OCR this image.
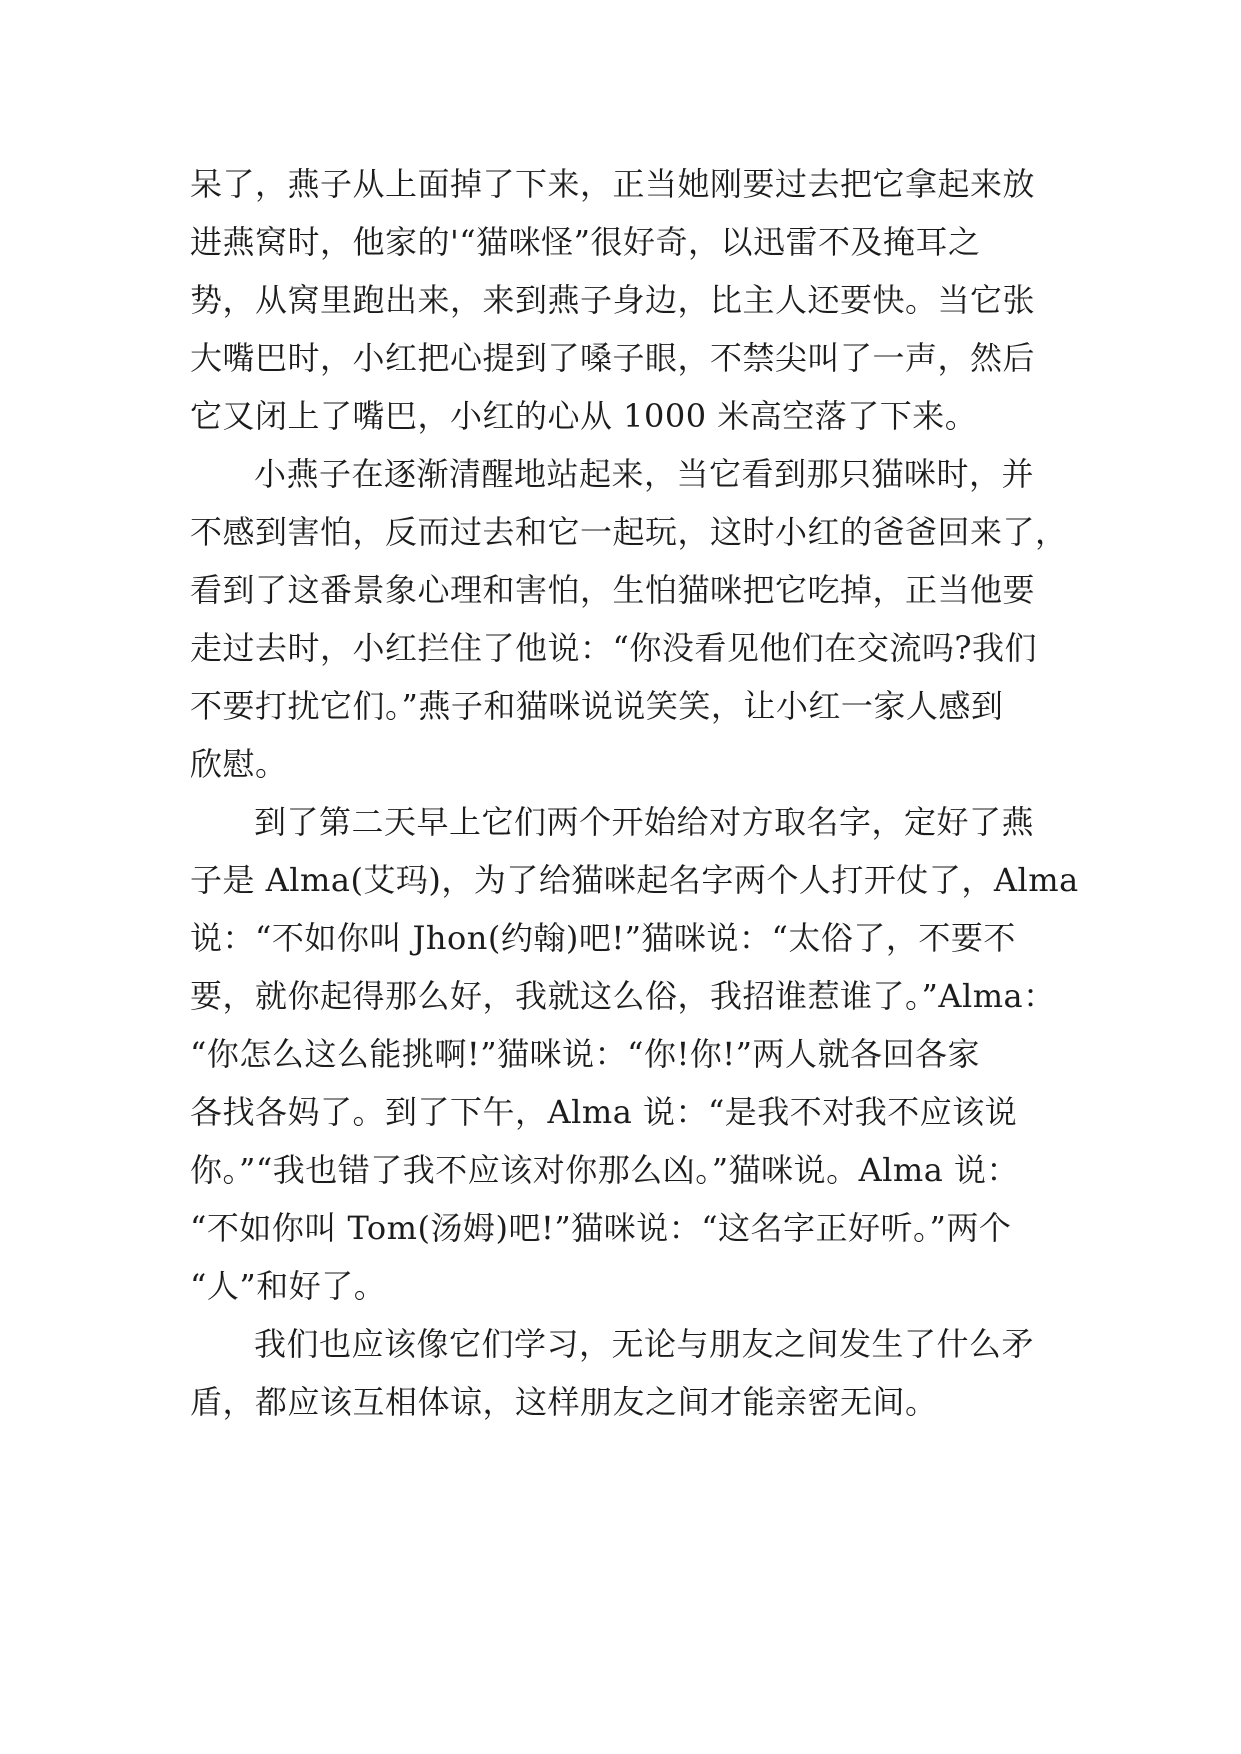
呆了，燕子从上面掉了下来，正当她刚要过去把它拿起来放
进燕窝时，他家的'“猫咪怪”很好奇，以迅雷不及掩耳之
势，从窝里跑出来，来到燕子身边，比主人还要快。当它张
大嘴巴时，小红把心提到了嗓子眼，不禁尖叫了一声，然后
它又闭上了嘴巴，小红的心从 1000 米高空落了下来。
小燕子在逐渐清醒地站起来，当它看到那只猫咪时，并
不感到害怕，反而过去和它一起玩，这时小红的爸爸回来了，
看到了这番景象心理和害怕，生怕猫咪把它吃掉，正当他要
走过去时，小红拦住了他说：“你没看见他们在交流吗?我们
不要打扰它们。”燕子和猫咪说说笑笑，让小红一家人感到
欣慰。
到了第二天早上它们两个开始给对方取名字，定好了燕
子是 Alma(艾玛)，为了给猫咪起名字两个人打开仗了，Alma
说：“不如你叫 Jhon(约翰)吧!”猫咪说：“太俗了，不要不
要，就你起得那么好，我就这么俗，我招谁惹谁了。”Alma：
“你怎么这么能挑啊!”猫咪说：“你!你!”两人就各回各家
各找各妈了。到了下午，Alma 说：“是我不对我不应该说
你。”“我也错了我不应该对你那么凶。”猫咪说。Alma 说：
“不如你叫 Tom(汤姆)吧!”猫咪说：“这名字正好听。”两个
“人”和好了。
我们也应该像它们学习，无论与朋友之间发生了什么矛
盾，都应该互相体谅，这样朋友之间才能亲密无间。
